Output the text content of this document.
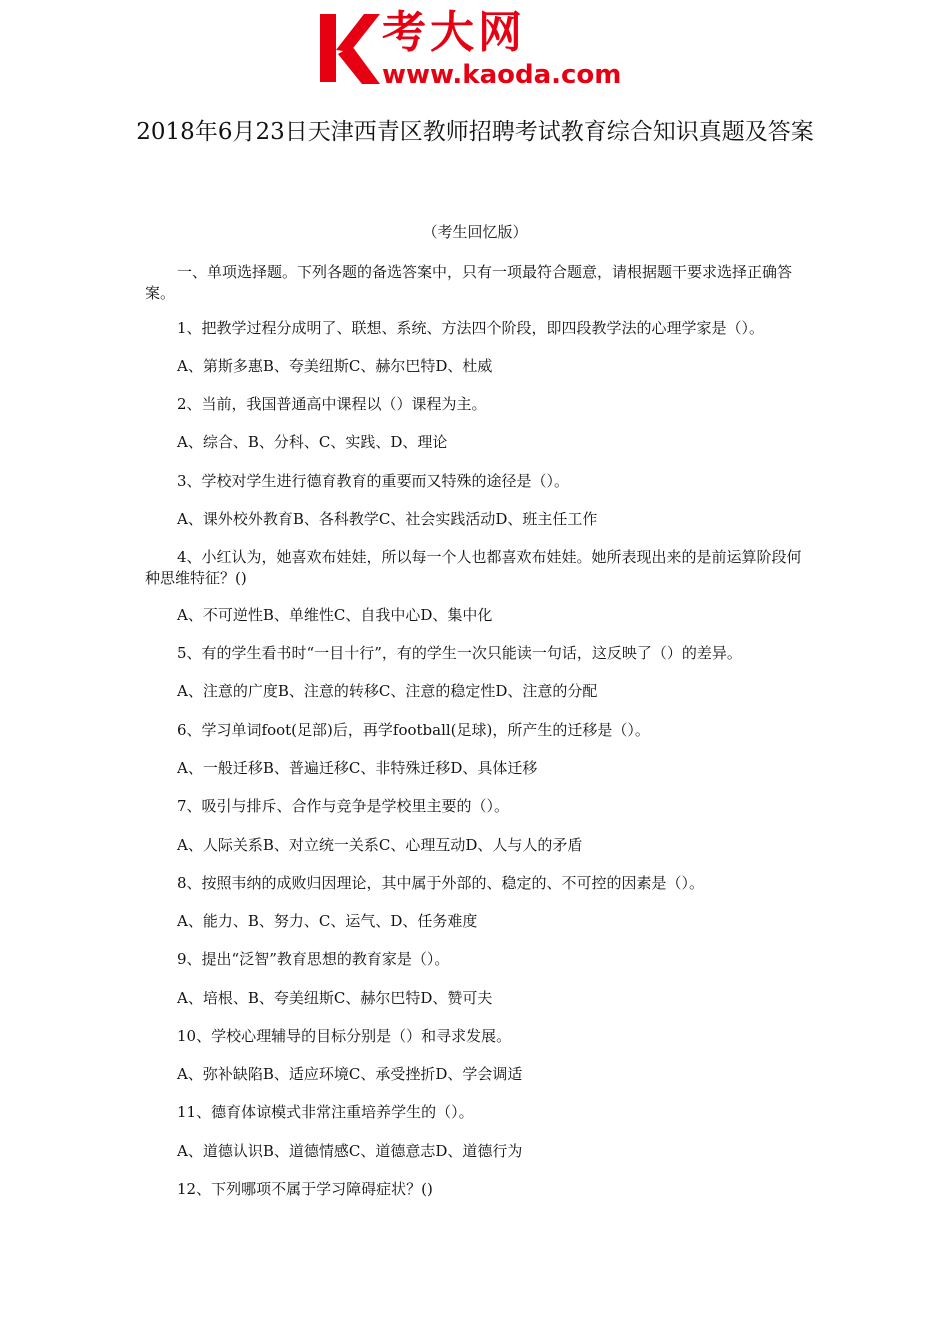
考大网
www.kaoda.com
2018年6月23日天津西青区教师招聘考试教育综合知识真题及答案
（考生回忆版）
一、单项选择题。下列各题的备选答案中，只有一项最符合题意，请根据题干要求选择正确答案。
1、把教学过程分成明了、联想、系统、方法四个阶段，即四段教学法的心理学家是（）。
A、第斯多惠B、夸美纽斯C、赫尔巴特D、杜威
2、当前，我国普通高中课程以（）课程为主。
A、综合、B、分科、C、实践、D、理论
3、学校对学生进行德育教育的重要而又特殊的途径是（）。
A、课外校外教育B、各科教学C、社会实践活动D、班主任工作
4、小红认为，她喜欢布娃娃，所以每一个人也都喜欢布娃娃。她所表现出来的是前运算阶段何种思维特征？()
A、不可逆性B、单维性C、自我中心D、集中化
5、有的学生看书时“一目十行”，有的学生一次只能读一句话，这反映了（）的差异。
A、注意的广度B、注意的转移C、注意的稳定性D、注意的分配
6、学习单词foot(足部)后，再学football(足球)，所产生的迁移是（）。
A、一般迁移B、普遍迁移C、非特殊迁移D、具体迁移
7、吸引与排斥、合作与竞争是学校里主要的（）。
A、人际关系B、对立统一关系C、心理互动D、人与人的矛盾
8、按照韦纳的成败归因理论，其中属于外部的、稳定的、不可控的因素是（）。
A、能力、B、努力、C、运气、D、任务难度
9、提出“泛智”教育思想的教育家是（）。
A、培根、B、夸美纽斯C、赫尔巴特D、赞可夫
10、学校心理辅导的目标分别是（）和寻求发展。
A、弥补缺陷B、适应环境C、承受挫折D、学会调适
11、德育体谅模式非常注重培养学生的（）。
A、道德认识B、道德情感C、道德意志D、道德行为
12、下列哪项不属于学习障碍症状？()
